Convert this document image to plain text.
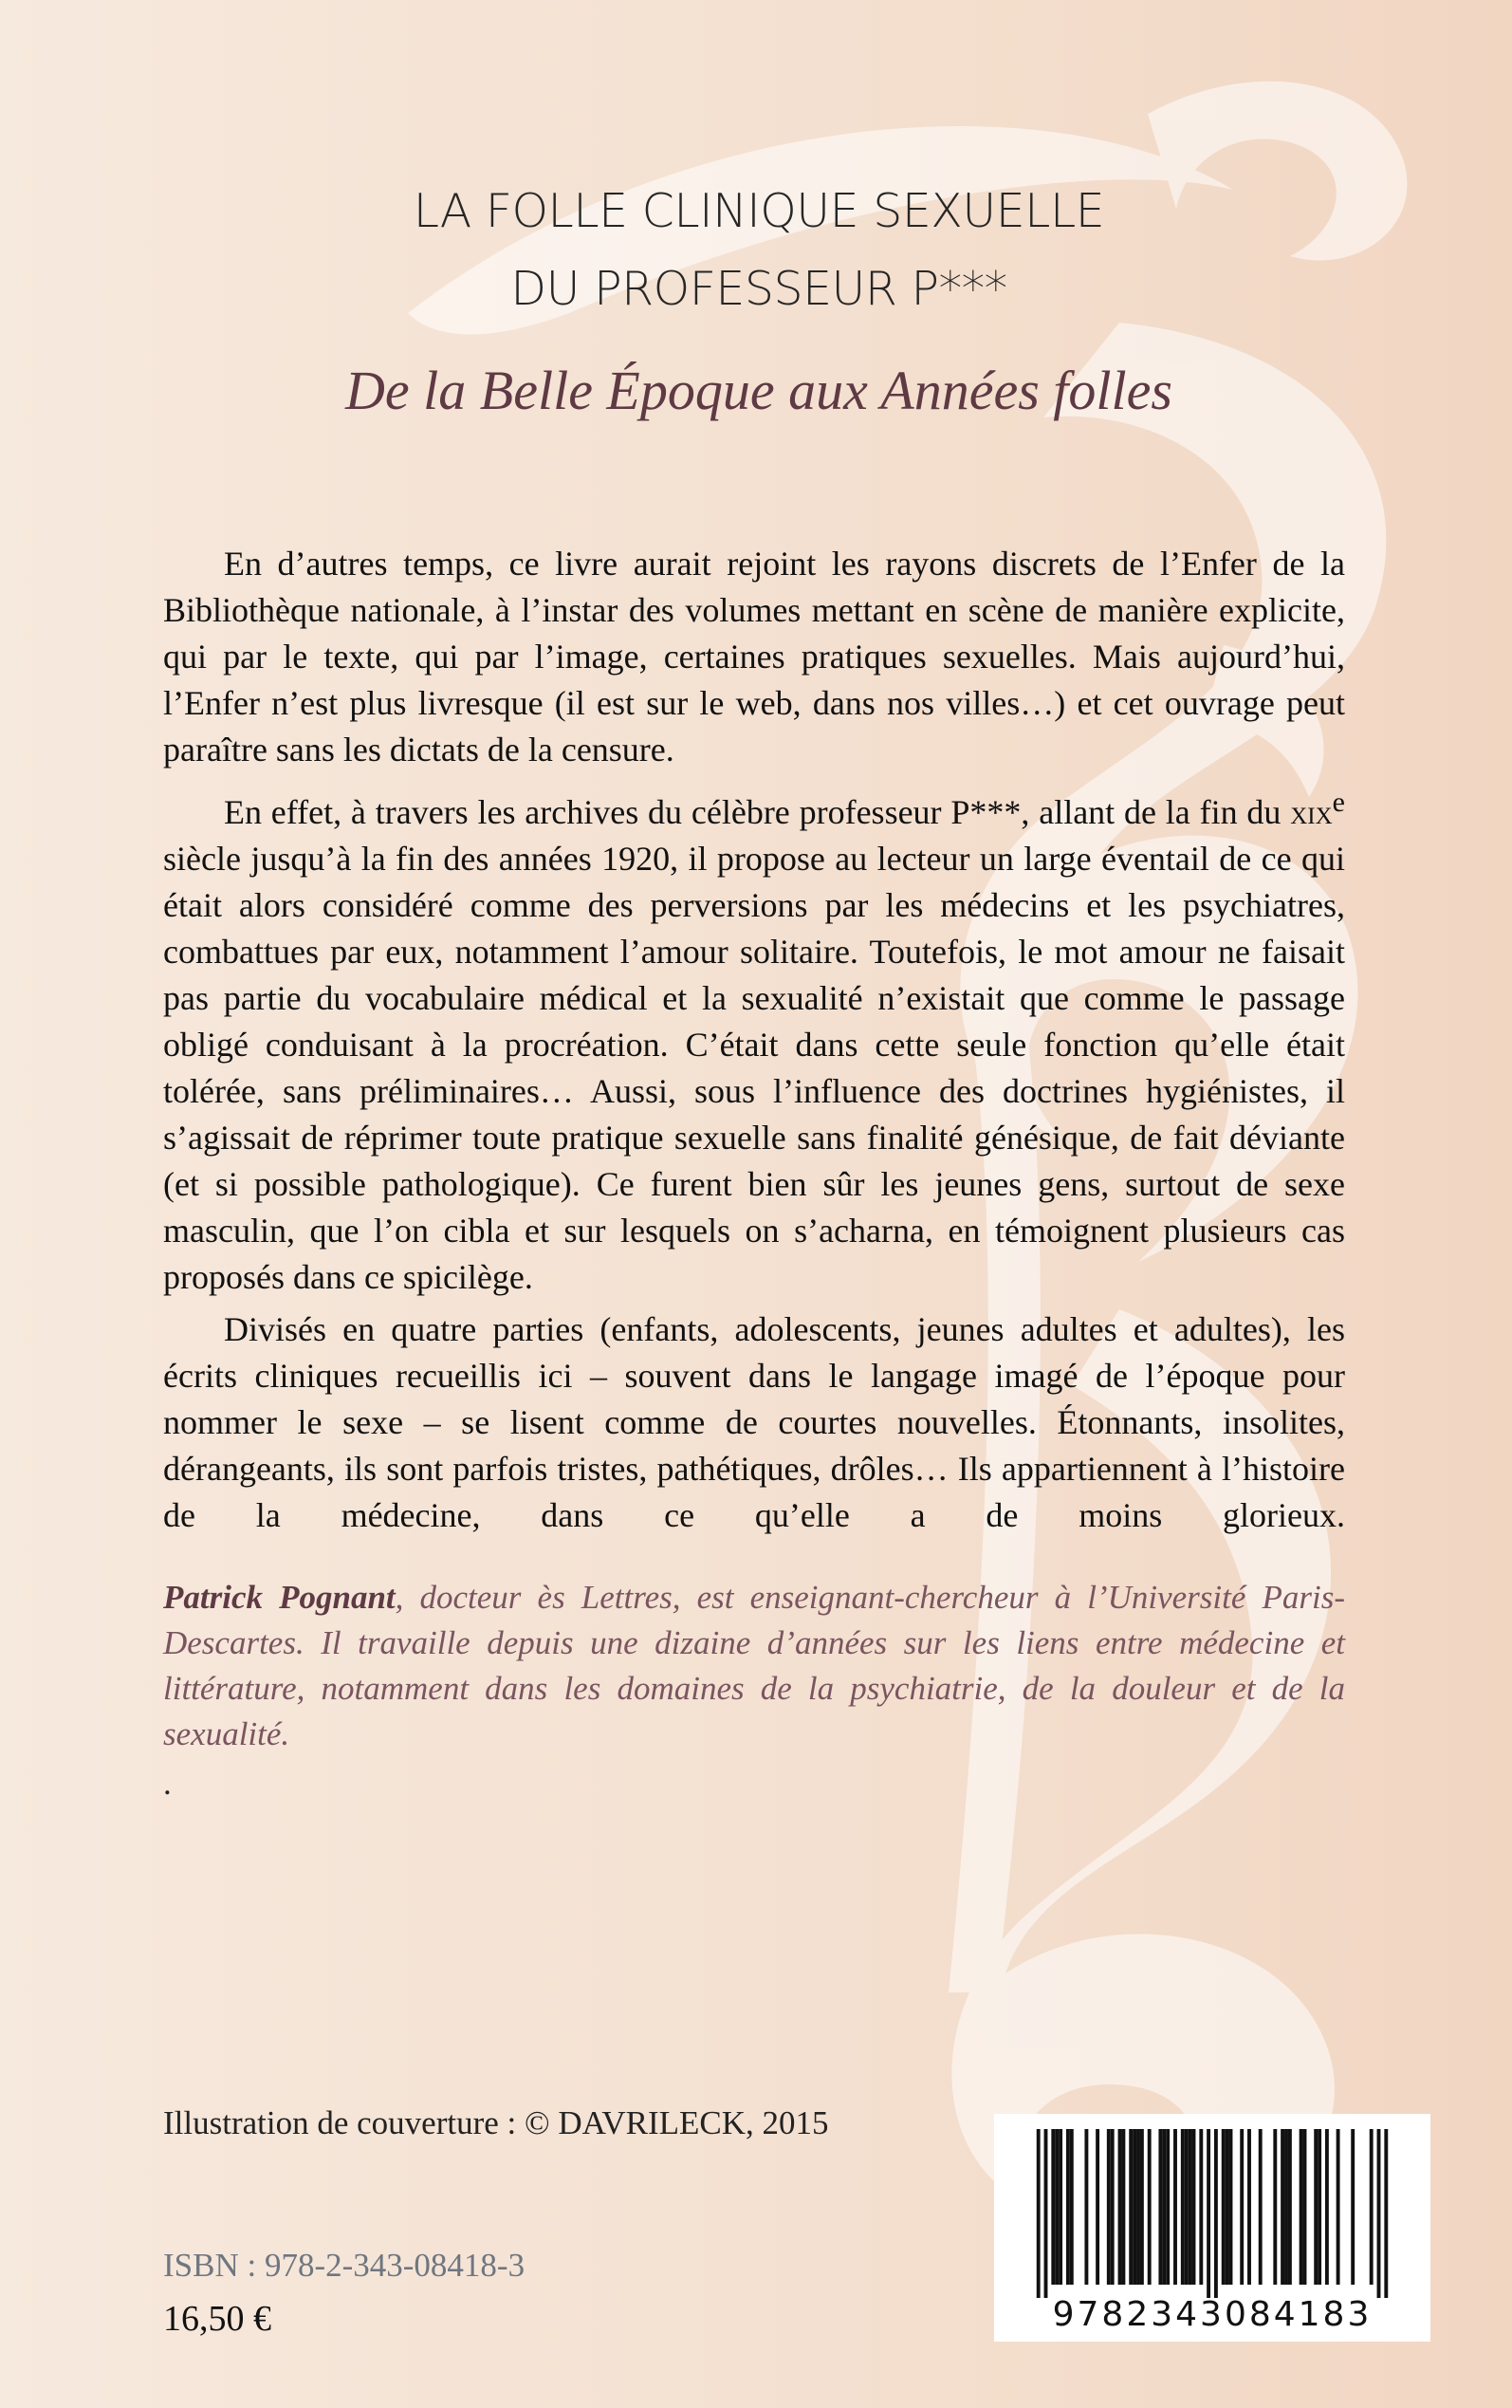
LA FOLLE CLINIQUE SEXUELLE
DU PROFESSEUR P***
De la Belle Époque aux Années folles

En d’autres temps, ce livre aurait rejoint les rayons discrets de l’Enfer de la Bibliothèque nationale, à l’instar des volumes mettant en scène de manière explicite, qui par le texte, qui par l’image, certaines pratiques sexuelles. Mais aujourd’hui, l’Enfer n’est plus livresque (il est sur le web, dans nos villes…) et cet ouvrage peut paraître sans les dictats de la censure.

En effet, à travers les archives du célèbre professeur P***, allant de la fin du xix$^e$ siècle jusqu’à la fin des années 1920, il propose au lecteur un large éventail de ce qui était alors considéré comme des perversions par les médecins et les psychiatres, combattues par eux, notamment l’amour solitaire. Toutefois, le mot amour ne faisait pas partie du vocabulaire médical et la sexualité n’existait que comme le passage obligé conduisant à la procréation. C’était dans cette seule fonction qu’elle était tolérée, sans préliminaires… Aussi, sous l’influence des doctrines hygiénistes, il s’agissait de réprimer toute pratique sexuelle sans finalité génésique, de fait déviante (et si possible pathologique). Ce furent bien sûr les jeunes gens, surtout de sexe masculin, que l’on cibla et sur lesquels on s’acharna, en témoignent plusieurs cas proposés dans ce spicilège.

Divisés en quatre parties (enfants, adolescents, jeunes adultes et adultes), les écrits cliniques recueillis ici – souvent dans le langage imagé de l’époque pour nommer le sexe – se lisent comme de courtes nouvelles. Étonnants, insolites, dérangeants, ils sont parfois tristes, pathétiques, drôles… Ils appartiennent à l’histoire de la médecine, dans ce qu’elle a de moins glorieux.

Patrick Pognant, docteur ès Lettres, est enseignant-chercheur à l’Université Paris-Descartes. Il travaille depuis une dizaine d’années sur les liens entre médecine et littérature, notamment dans les domaines de la psychiatrie, de la douleur et de la sexualité.
.
Illustration de couverture : © DAVRILECK, 2015
9782343084183
ISBN : 978-2-343-08418-3
16,50 €
